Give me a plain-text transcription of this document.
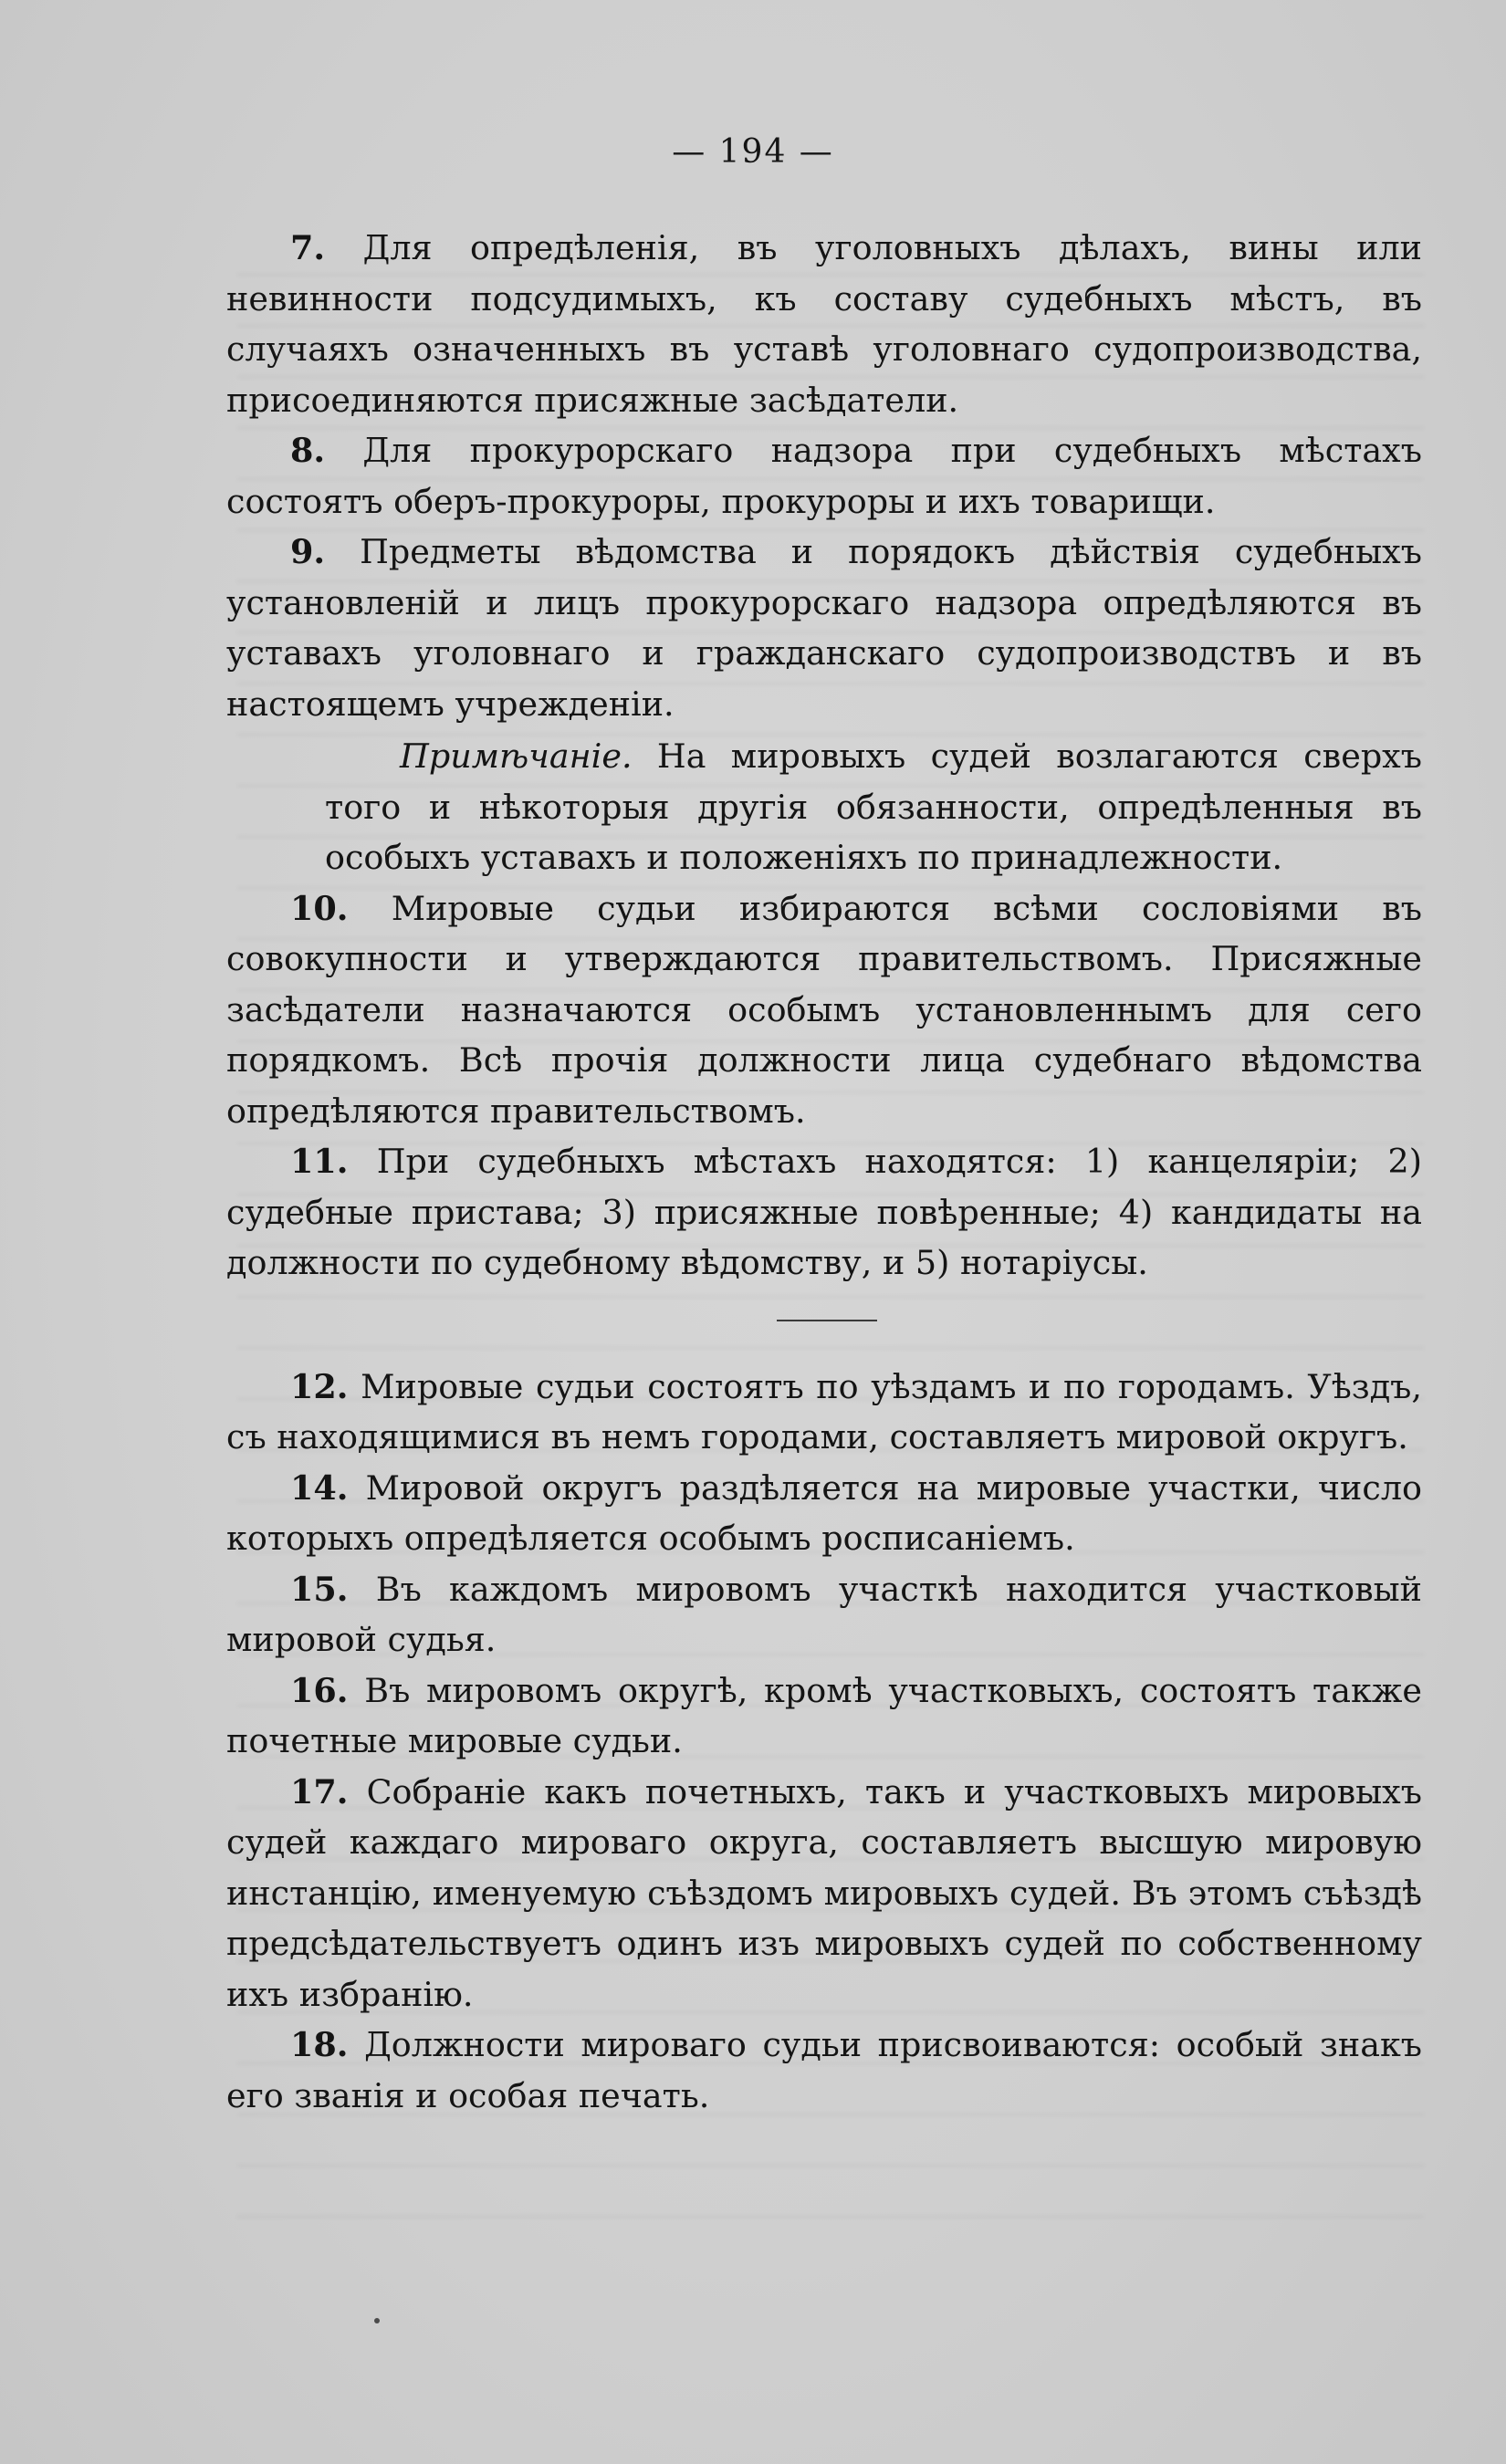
— 194 —

7. Для опредѣленія, въ уголовныхъ дѣлахъ, вины или невинности подсудимыхъ, къ составу судебныхъ мѣстъ, въ случаяхъ означенныхъ въ уставѣ уголовнаго судопроизводства, присоединяются присяжные засѣдатели.

8. Для прокурорскаго надзора при судебныхъ мѣстахъ состоятъ оберъ-прокуроры, прокуроры и ихъ товарищи.

9. Предметы вѣдомства и порядокъ дѣйствія судебныхъ установленій и лицъ прокурорскаго надзора опредѣляются въ уставахъ уголовнаго и гражданскаго судопроизводствъ и въ настоящемъ учрежденіи.

Примѣчаніе. На мировыхъ судей возлагаются сверхъ того и нѣкоторыя другія обязанности, опредѣленныя въ особыхъ уставахъ и положеніяхъ по принадлежности.

10. Мировые судьи избираются всѣми сословіями въ совокупности и утверждаются правительствомъ. Присяжные засѣдатели назначаются особымъ установленнымъ для сего порядкомъ. Всѣ прочія должности лица судебнаго вѣдомства опредѣляются правительствомъ.

11. При судебныхъ мѣстахъ находятся: 1) канцеляріи; 2) судебные пристава; 3) присяжные повѣренные; 4) кандидаты на должности по судебному вѣдомству, и 5) нотаріусы.

12. Мировые судьи состоятъ по уѣздамъ и по городамъ. Уѣздъ, съ находящимися въ немъ городами, составляетъ мировой округъ.

14. Мировой округъ раздѣляется на мировые участки, число которыхъ опредѣляется особымъ росписаніемъ.

15. Въ каждомъ мировомъ участкѣ находится участковый мировой судья.

16. Въ мировомъ округѣ, кромѣ участковыхъ, состоятъ также почетные мировые судьи.

17. Собраніе какъ почетныхъ, такъ и участковыхъ мировыхъ судей каждаго мироваго округа, составляетъ высшую мировую инстанцію, именуемую съѣздомъ мировыхъ судей. Въ этомъ съѣздѣ предсѣдательствуетъ одинъ изъ мировыхъ судей по собственному ихъ избранію.

18. Должности мироваго судьи присвоиваются: особый знакъ его званія и особая печать.
